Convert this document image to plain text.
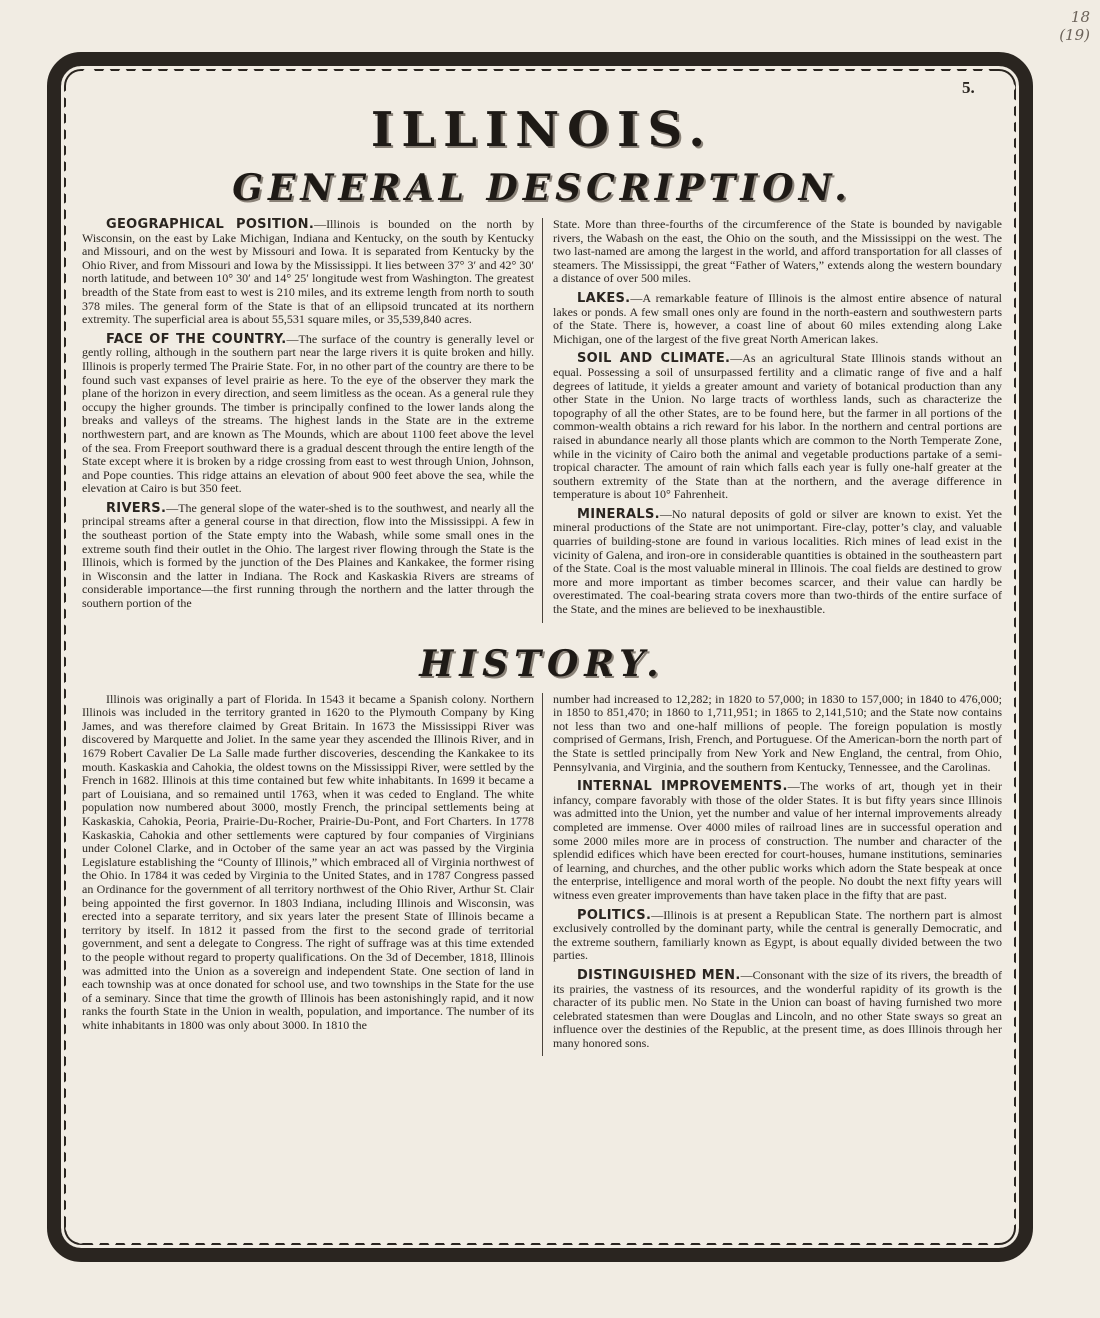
18
(19)
5.
ILLINOIS.
GENERAL DESCRIPTION.

GEOGRAPHICAL POSITION.—Illinois is bounded on the north by Wisconsin, on the east by Lake Michigan, Indiana and Kentucky, on the south by Kentucky and Missouri, and on the west by Missouri and Iowa. It is separated from Kentucky by the Ohio River, and from Missouri and Iowa by the Mississippi. It lies between 37° 3′ and 42° 30′ north latitude, and between 10° 30′ and 14° 25′ longitude west from Washington. The greatest breadth of the State from east to west is 210 miles, and its extreme length from north to south 378 miles. The general form of the State is that of an ellipsoid truncated at its northern extremity. The superficial area is about 55,531 square miles, or 35,539,840 acres.

FACE OF THE COUNTRY.—The surface of the country is generally level or gently rolling, although in the southern part near the large rivers it is quite broken and hilly. Illinois is properly termed The Prairie State. For, in no other part of the country are there to be found such vast expanses of level prairie as here. To the eye of the observer they mark the plane of the horizon in every direction, and seem limitless as the ocean. As a general rule they occupy the higher grounds. The timber is principally confined to the lower lands along the breaks and valleys of the streams. The highest lands in the State are in the extreme northwestern part, and are known as The Mounds, which are about 1100 feet above the level of the sea. From Freeport southward there is a gradual descent through the entire length of the State except where it is broken by a ridge crossing from east to west through Union, Johnson, and Pope counties. This ridge attains an elevation of about 900 feet above the sea, while the elevation at Cairo is but 350 feet.

RIVERS.—The general slope of the water-shed is to the southwest, and nearly all the principal streams after a general course in that direction, flow into the Mississippi. A few in the southeast portion of the State empty into the Wabash, while some small ones in the extreme south find their outlet in the Ohio. The largest river flowing through the State is the Illinois, which is formed by the junction of the Des Plaines and Kankakee, the former rising in Wisconsin and the latter in Indiana. The Rock and Kaskaskia Rivers are streams of considerable importance—the first running through the northern and the latter through the southern portion of the

State. More than three-fourths of the circumference of the State is bounded by navigable rivers, the Wabash on the east, the Ohio on the south, and the Mississippi on the west. The two last-named are among the largest in the world, and afford transportation for all classes of steamers. The Mississippi, the great “Father of Waters,” extends along the western boundary a distance of over 500 miles.

LAKES.—A remarkable feature of Illinois is the almost entire absence of natural lakes or ponds. A few small ones only are found in the north-eastern and southwestern parts of the State. There is, however, a coast line of about 60 miles extending along Lake Michigan, one of the largest of the five great North American lakes.

SOIL AND CLIMATE.—As an agricultural State Illinois stands without an equal. Possessing a soil of unsurpassed fertility and a climatic range of five and a half degrees of latitude, it yields a greater amount and variety of botanical production than any other State in the Union. No large tracts of worthless lands, such as characterize the topography of all the other States, are to be found here, but the farmer in all portions of the common-wealth obtains a rich reward for his labor. In the northern and central portions are raised in abundance nearly all those plants which are common to the North Temperate Zone, while in the vicinity of Cairo both the animal and vegetable productions partake of a semi-tropical character. The amount of rain which falls each year is fully one-half greater at the southern extremity of the State than at the northern, and the average difference in temperature is about 10° Fahrenheit.

MINERALS.—No natural deposits of gold or silver are known to exist. Yet the mineral productions of the State are not unimportant. Fire-clay, potter’s clay, and valuable quarries of building-stone are found in various localities. Rich mines of lead exist in the vicinity of Galena, and iron-ore in considerable quantities is obtained in the southeastern part of the State. Coal is the most valuable mineral in Illinois. The coal fields are destined to grow more and more important as timber becomes scarcer, and their value can hardly be overestimated. The coal-bearing strata covers more than two-thirds of the entire surface of the State, and the mines are believed to be inexhaustible.

HISTORY.

Illinois was originally a part of Florida. In 1543 it became a Spanish colony. Northern Illinois was included in the territory granted in 1620 to the Plymouth Company by King James, and was therefore claimed by Great Britain. In 1673 the Mississippi River was discovered by Marquette and Joliet. In the same year they ascended the Illinois River, and in 1679 Robert Cavalier De La Salle made further discoveries, descending the Kankakee to its mouth. Kaskaskia and Cahokia, the oldest towns on the Mississippi River, were settled by the French in 1682. Illinois at this time contained but few white inhabitants. In 1699 it became a part of Louisiana, and so remained until 1763, when it was ceded to England. The white population now numbered about 3000, mostly French, the principal settlements being at Kaskaskia, Cahokia, Peoria, Prairie-Du-Rocher, Prairie-Du-Pont, and Fort Charters. In 1778 Kaskaskia, Cahokia and other settlements were captured by four companies of Virginians under Colonel Clarke, and in October of the same year an act was passed by the Virginia Legislature establishing the “County of Illinois,” which embraced all of Virginia northwest of the Ohio. In 1784 it was ceded by Virginia to the United States, and in 1787 Congress passed an Ordinance for the government of all territory northwest of the Ohio River, Arthur St. Clair being appointed the first governor. In 1803 Indiana, including Illinois and Wisconsin, was erected into a separate territory, and six years later the present State of Illinois became a territory by itself. In 1812 it passed from the first to the second grade of territorial government, and sent a delegate to Congress. The right of suffrage was at this time extended to the people without regard to property qualifications. On the 3d of December, 1818, Illinois was admitted into the Union as a sovereign and independent State. One section of land in each township was at once donated for school use, and two townships in the State for the use of a seminary. Since that time the growth of Illinois has been astonishingly rapid, and it now ranks the fourth State in the Union in wealth, population, and importance. The number of its white inhabitants in 1800 was only about 3000. In 1810 the

number had increased to 12,282; in 1820 to 57,000; in 1830 to 157,000; in 1840 to 476,000; in 1850 to 851,470; in 1860 to 1,711,951; in 1865 to 2,141,510; and the State now contains not less than two and one-half millions of people. The foreign population is mostly comprised of Germans, Irish, French, and Portuguese. Of the American-born the north part of the State is settled principally from New York and New England, the central, from Ohio, Pennsylvania, and Virginia, and the southern from Kentucky, Tennessee, and the Carolinas.

INTERNAL IMPROVEMENTS.—The works of art, though yet in their infancy, compare favorably with those of the older States. It is but fifty years since Illinois was admitted into the Union, yet the number and value of her internal improvements already completed are immense. Over 4000 miles of railroad lines are in successful operation and some 2000 miles more are in process of construction. The number and character of the splendid edifices which have been erected for court-houses, humane institutions, seminaries of learning, and churches, and the other public works which adorn the State bespeak at once the enterprise, intelligence and moral worth of the people. No doubt the next fifty years will witness even greater improvements than have taken place in the fifty that are past.

POLITICS.—Illinois is at present a Republican State. The northern part is almost exclusively controlled by the dominant party, while the central is generally Democratic, and the extreme southern, familiarly known as Egypt, is about equally divided between the two parties.

DISTINGUISHED MEN.—Consonant with the size of its rivers, the breadth of its prairies, the vastness of its resources, and the wonderful rapidity of its growth is the character of its public men. No State in the Union can boast of having furnished two more celebrated statesmen than were Douglas and Lincoln, and no other State sways so great an influence over the destinies of the Republic, at the present time, as does Illinois through her many honored sons.
